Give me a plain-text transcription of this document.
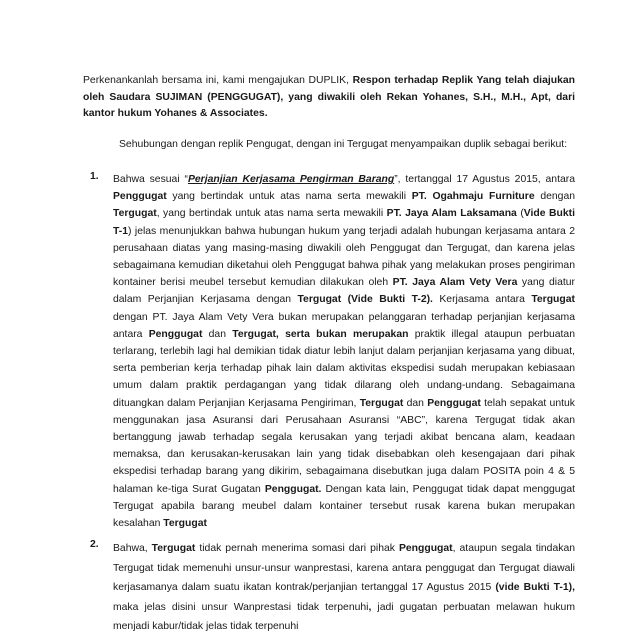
Perkenankanlah bersama ini, kami mengajukan DUPLIK, Respon terhadap Replik Yang telah diajukan oleh Saudara SUJIMAN (PENGGUGAT), yang diwakili oleh Rekan Yohanes, S.H., M.H., Apt, dari kantor hukum Yohanes & Associates.

Sehubungan dengan replik Pengugat, dengan ini Tergugat menyampaikan duplik sebagai berikut:

1. Bahwa sesuai “Perjanjian Kerjasama Pengirman Barang”, tertanggal 17 Agustus 2015, antara Penggugat yang bertindak untuk atas nama serta mewakili PT. Ogahmaju Furniture dengan Tergugat, yang bertindak untuk atas nama serta mewakili PT. Jaya Alam Laksamana (Vide Bukti T-1) jelas menunjukkan bahwa hubungan hukum yang terjadi adalah hubungan kerjasama antara 2 perusahaan diatas yang masing-masing diwakili oleh Penggugat dan Tergugat, dan karena jelas sebagaimana kemudian diketahui oleh Penggugat bahwa pihak yang melakukan proses pengiriman kontainer berisi meubel tersebut kemudian dilakukan oleh PT. Jaya Alam Vety Vera yang diatur dalam Perjanjian Kerjasama dengan Tergugat (Vide Bukti T-2). Kerjasama antara Tergugat dengan PT. Jaya Alam Vety Vera bukan merupakan pelanggaran terhadap perjanjian kerjasama antara Penggugat dan Tergugat, serta bukan merupakan praktik illegal ataupun perbuatan terlarang, terlebih lagi hal demikian tidak diatur lebih lanjut dalam perjanjian kerjasama yang dibuat, serta pemberian kerja terhadap pihak lain dalam aktivitas ekspedisi sudah merupakan kebiasaan umum dalam praktik perdagangan yang tidak dilarang oleh undang-undang. Sebagaimana dituangkan dalam Perjanjian Kerjasama Pengiriman, Tergugat dan Penggugat telah sepakat untuk menggunakan jasa Asuransi dari Perusahaan Asuransi “ABC”, karena Tergugat tidak akan bertanggung jawab terhadap segala kerusakan yang terjadi akibat bencana alam, keadaan memaksa, dan kerusakan-kerusakan lain yang tidak disebabkan oleh kesengajaan dari pihak ekspedisi terhadap barang yang dikirim, sebagaimana disebutkan juga dalam POSITA poin 4 & 5 halaman ke-tiga Surat Gugatan Penggugat. Dengan kata lain, Penggugat tidak dapat menggugat Tergugat apabila barang meubel dalam kontainer tersebut rusak karena bukan merupakan kesalahan Tergugat
2. Bahwa, Tergugat tidak pernah menerima somasi dari pihak Penggugat, ataupun segala tindakan Tergugat tidak memenuhi unsur-unsur wanprestasi, karena antara penggugat dan Tergugat diawali kerjasamanya dalam suatu ikatan kontrak/perjanjian tertanggal 17 Agustus 2015 (vide Bukti T-1), maka jelas disini unsur Wanprestasi tidak terpenuhi, jadi gugatan perbuatan melawan hukum menjadi kabur/tidak jelas tidak terpenuhi
